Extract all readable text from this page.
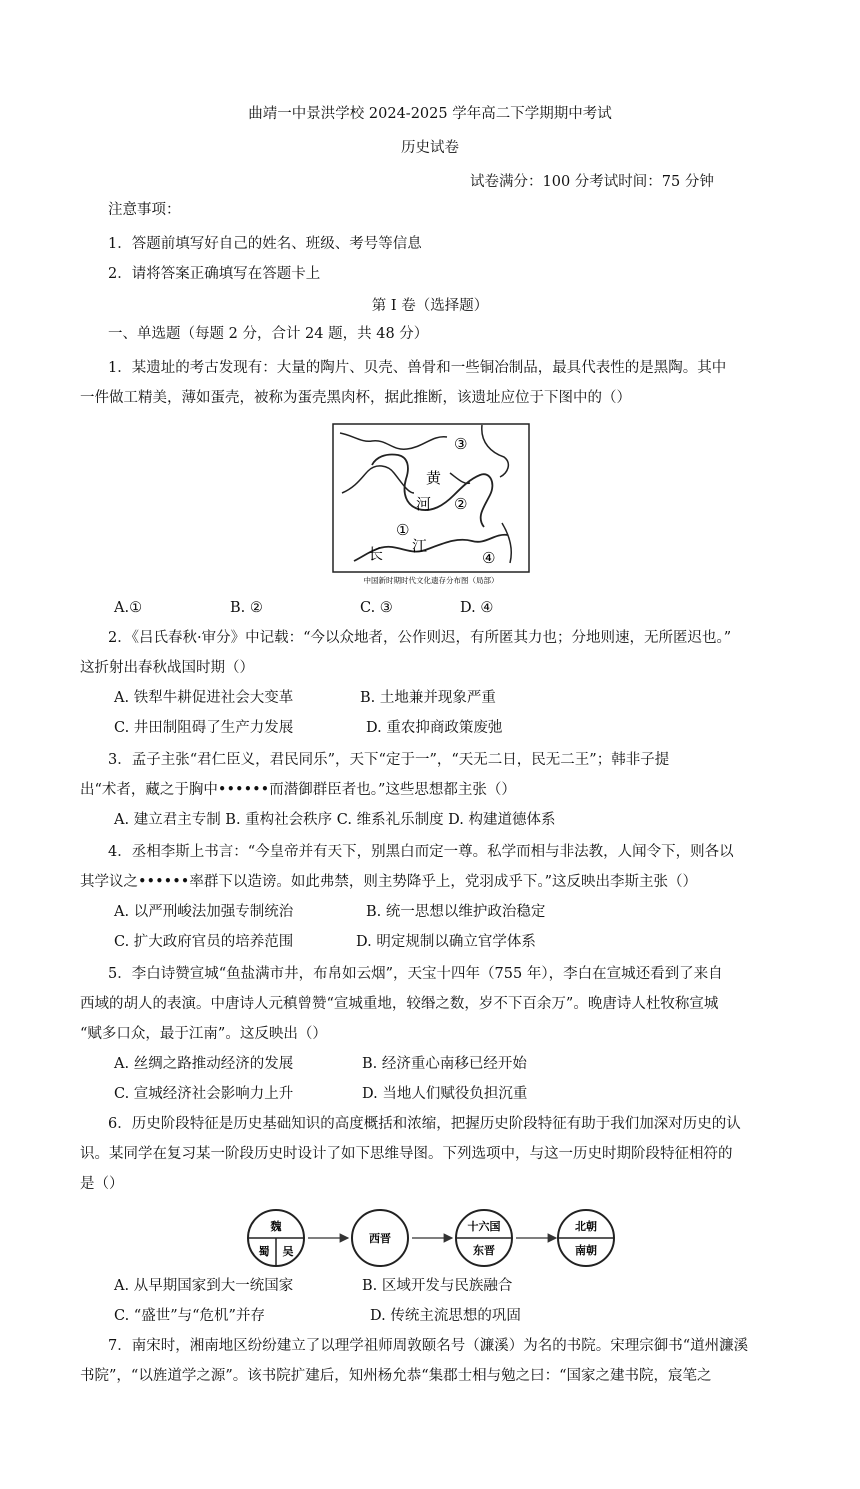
曲靖一中景洪学校 2024-2025 学年高二下学期期中考试
历史试卷
试卷满分：100 分考试时间：75 分钟
注意事项：
1．答题前填写好自己的姓名、班级、考号等信息
2．请将答案正确填写在答题卡上
第 I 卷（选择题）
一、单选题（每题 2 分，合计 24 题，共 48 分）
1．某遗址的考古发现有：大量的陶片、贝壳、兽骨和一些铜冶制品，最具代表性的是黑陶。其中
一件做工精美，薄如蛋壳，被称为蛋壳黑肉杯，据此推断，该遗址应位于下图中的（）
黄
河
长 江
①
②
③
④
中国新时期时代文化遗存分布图（局部）
A.①	B. ②	C. ③	D. ④
2．《吕氏春秋·审分》中记载：“今以众地者，公作则迟，有所匿其力也；分地则速，无所匿迟也。”
这折射出春秋战国时期（）
A. 铁犁牛耕促进社会大变革	B. 土地兼并现象严重
C. 井田制阻碍了生产力发展	D. 重农抑商政策废弛
3．孟子主张“君仁臣义，君民同乐”，天下“定于一”，“天无二日，民无二王”；韩非子提
出“术者，藏之于胸中••••••而潜御群臣者也。”这些思想都主张（）
A. 建立君主专制 B. 重构社会秩序 C. 维系礼乐制度 D. 构建道德体系
4．丞相李斯上书言：“今皇帝并有天下，别黑白而定一尊。私学而相与非法教，人闻令下，则各以
其学议之••••••率群下以造谤。如此弗禁，则主势降乎上，党羽成乎下。”这反映出李斯主张（）
A. 以严刑峻法加强专制统治	B. 统一思想以维护政治稳定
C. 扩大政府官员的培养范围	D. 明定规制以确立官学体系
5．李白诗赞宣城“鱼盐满市井，布帛如云烟”，天宝十四年（755 年），李白在宣城还看到了来自
西域的胡人的表演。中唐诗人元稹曾赞“宣城重地，较缗之数，岁不下百余万”。晚唐诗人杜牧称宣城
“赋多口众，最于江南”。这反映出（）
A. 丝绸之路推动经济的发展	B. 经济重心南移已经开始
C. 宣城经济社会影响力上升	D. 当地人们赋役负担沉重
6．历史阶段特征是历史基础知识的高度概括和浓缩，把握历史阶段特征有助于我们加深对历史的认
识。某同学在复习某一阶段历史时设计了如下思维导图。下列选项中，与这一历史时期阶段特征相符的
是（）
魏
蜀 吴
西晋
十六国
东晋
北朝
南朝
A. 从早期国家到大一统国家	B. 区域开发与民族融合
C. “盛世”与“危机”并存	D. 传统主流思想的巩固
7．南宋时，湘南地区纷纷建立了以理学祖师周敦颐名号（濂溪）为名的书院。宋理宗御书“道州濂溪
书院”，“以旌道学之源”。该书院扩建后，知州杨允恭“集郡士相与勉之曰：“国家之建书院，宸笔之
